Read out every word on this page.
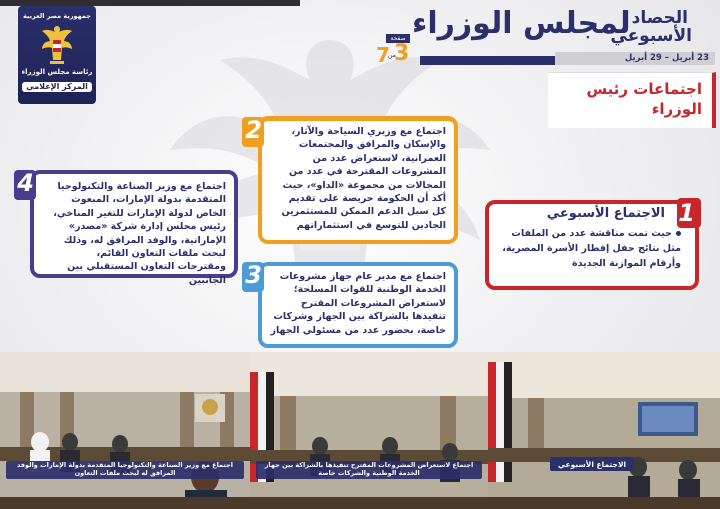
جمهورية مصر العربية
رئاسة مجلس الوزراء
المركز الإعلامي
لمجلس الوزراء الحصاد
الأسبوعي
23 أبريل – 29 أبريل
صفحة
3
من
7
اجتماعات رئيس الوزراء
1
الاجتماع الأسبوعي
حيث تمت مناقشة عدد من الملفات مثل نتائج حفل إفطار الأسرة المصرية، وأرقام الموازنة الجديدة
2	اجتماع مع وزيري السياحة والآثار، والإسكان والمرافق والمجتمعات العمرانية، لاستعراض عدد من المشروعات المقترحة في عدد من المجالات من مجموعة «الداو»، حيث أكد أن الحكومة حريصة على تقديم كل سبل الدعم الممكن للمستثمرين الجادين للتوسع في استثماراتهم
3	اجتماع مع مدير عام جهاز مشروعات الخدمة الوطنية للقوات المسلحة؛ لاستعراض المشروعات المقترح تنفيذها بالشراكة بين الجهاز وشركات خاصة، بحضور عدد من مسئولي الجهاز
4	اجتماع مع وزير الصناعة والتكنولوجيا المتقدمة بدولة الإمارات، المبعوث الخاص لدولة الإمارات للتغير المناخي، رئيس مجلس إدارة شركة «مصدر» الإماراتية، والوفد المرافق له، وذلك لبحث ملفات التعاون القائم، ومقترحات التعاون المستقبلي بين الجانبين
اجتماع مع وزير الصناعة والتكنولوجيا المتقدمة بدولة الإمارات والوفد المرافق له لبحث ملفات التعاون
اجتماع لاستعراض المشروعات المقترح تنفيذها بالشراكة بين جهاز الخدمة الوطنية والشركات خاصة
الاجتماع الأسبوعي
